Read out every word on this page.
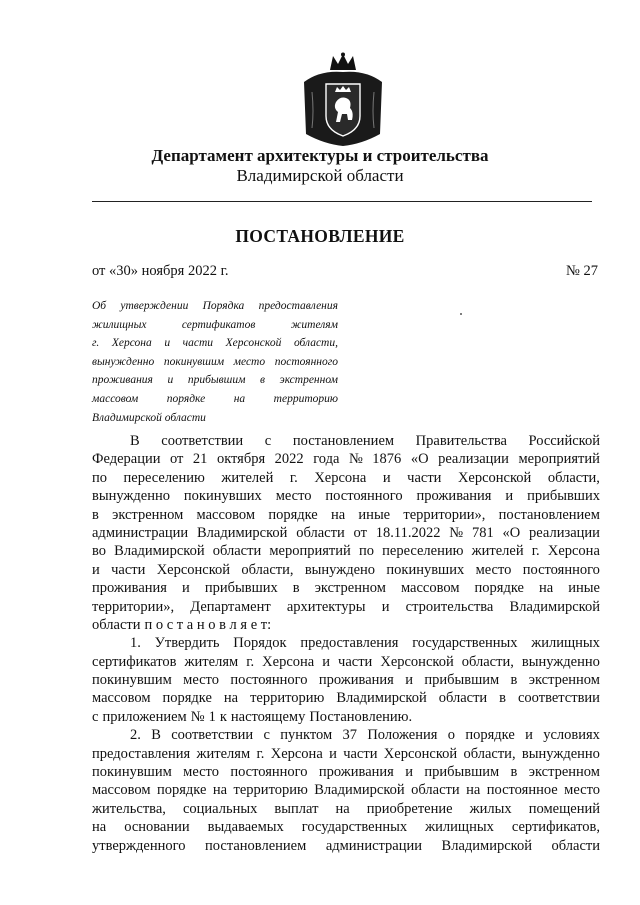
Департамент архитектуры и строительства
Владимирской области
ПОСТАНОВЛЕНИЕ
от «30» ноября 2022 г.	№ 27
Об утверждении Порядка предоставления
жилищных	сертификатов	жителям
г. Херсона и части Херсонской области,
вынужденно покинувшим место постоянного
проживания и прибывшим в экстренном
массовом порядке на территорию
Владимирской области
В соответствии с постановлением Правительства Российской
Федерации от 21 октября 2022 года № 1876 «О реализации мероприятий
по переселению жителей г. Херсона и части Херсонской области,
вынужденно покинувших место постоянного проживания и прибывших
в экстренном массовом порядке на иные территории», постановлением
администрации Владимирской области от 18.11.2022 № 781 «О реализации
во Владимирской области мероприятий по переселению жителей г. Херсона
и части Херсонской области, вынуждено покинувших место постоянного
проживания и прибывших в экстренном массовом порядке на иные
территории», Департамент архитектуры и строительства Владимирской
области п о с т а н о в л я е т:
1. Утвердить Порядок предоставления государственных жилищных
сертификатов жителям г. Херсона и части Херсонской области, вынужденно
покинувшим место постоянного проживания и прибывшим в экстренном
массовом порядке на территорию Владимирской области в соответствии
с приложением № 1 к настоящему Постановлению.
2. В соответствии с пунктом 37 Положения о порядке и условиях
предоставления жителям г. Херсона и части Херсонской области, вынужденно
покинувшим место постоянного проживания и прибывшим в экстренном
массовом порядке на территорию Владимирской области на постоянное место
жительства, социальных выплат на приобретение жилых помещений
на основании выдаваемых государственных жилищных сертификатов,
утвержденного постановлением администрации Владимирской области
